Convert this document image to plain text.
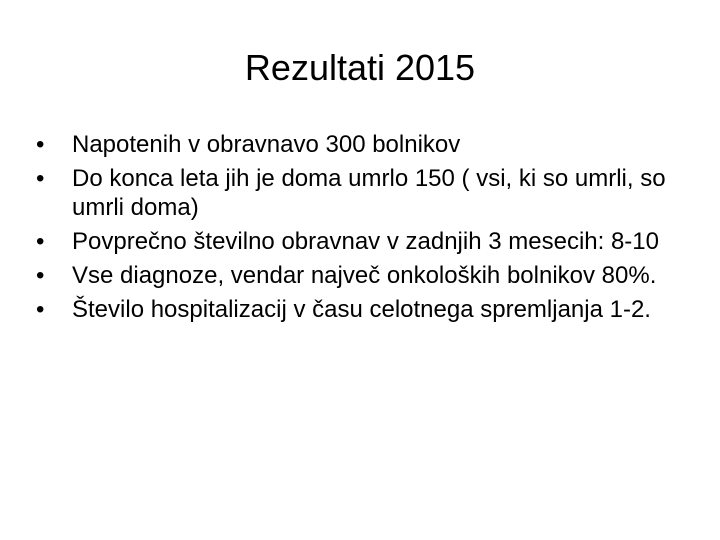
Rezultati 2015
•	Napotenih v obravnavo 300 bolnikov
•	Do konca leta jih je doma umrlo 150 ( vsi, ki so umrli, so umrli doma)
•	Povprečno številno obravnav v zadnjih 3 mesecih: 8-10
•	Vse diagnoze, vendar največ onkoloških bolnikov 80%.
•	Število hospitalizacij v času celotnega spremljanja 1-2.
